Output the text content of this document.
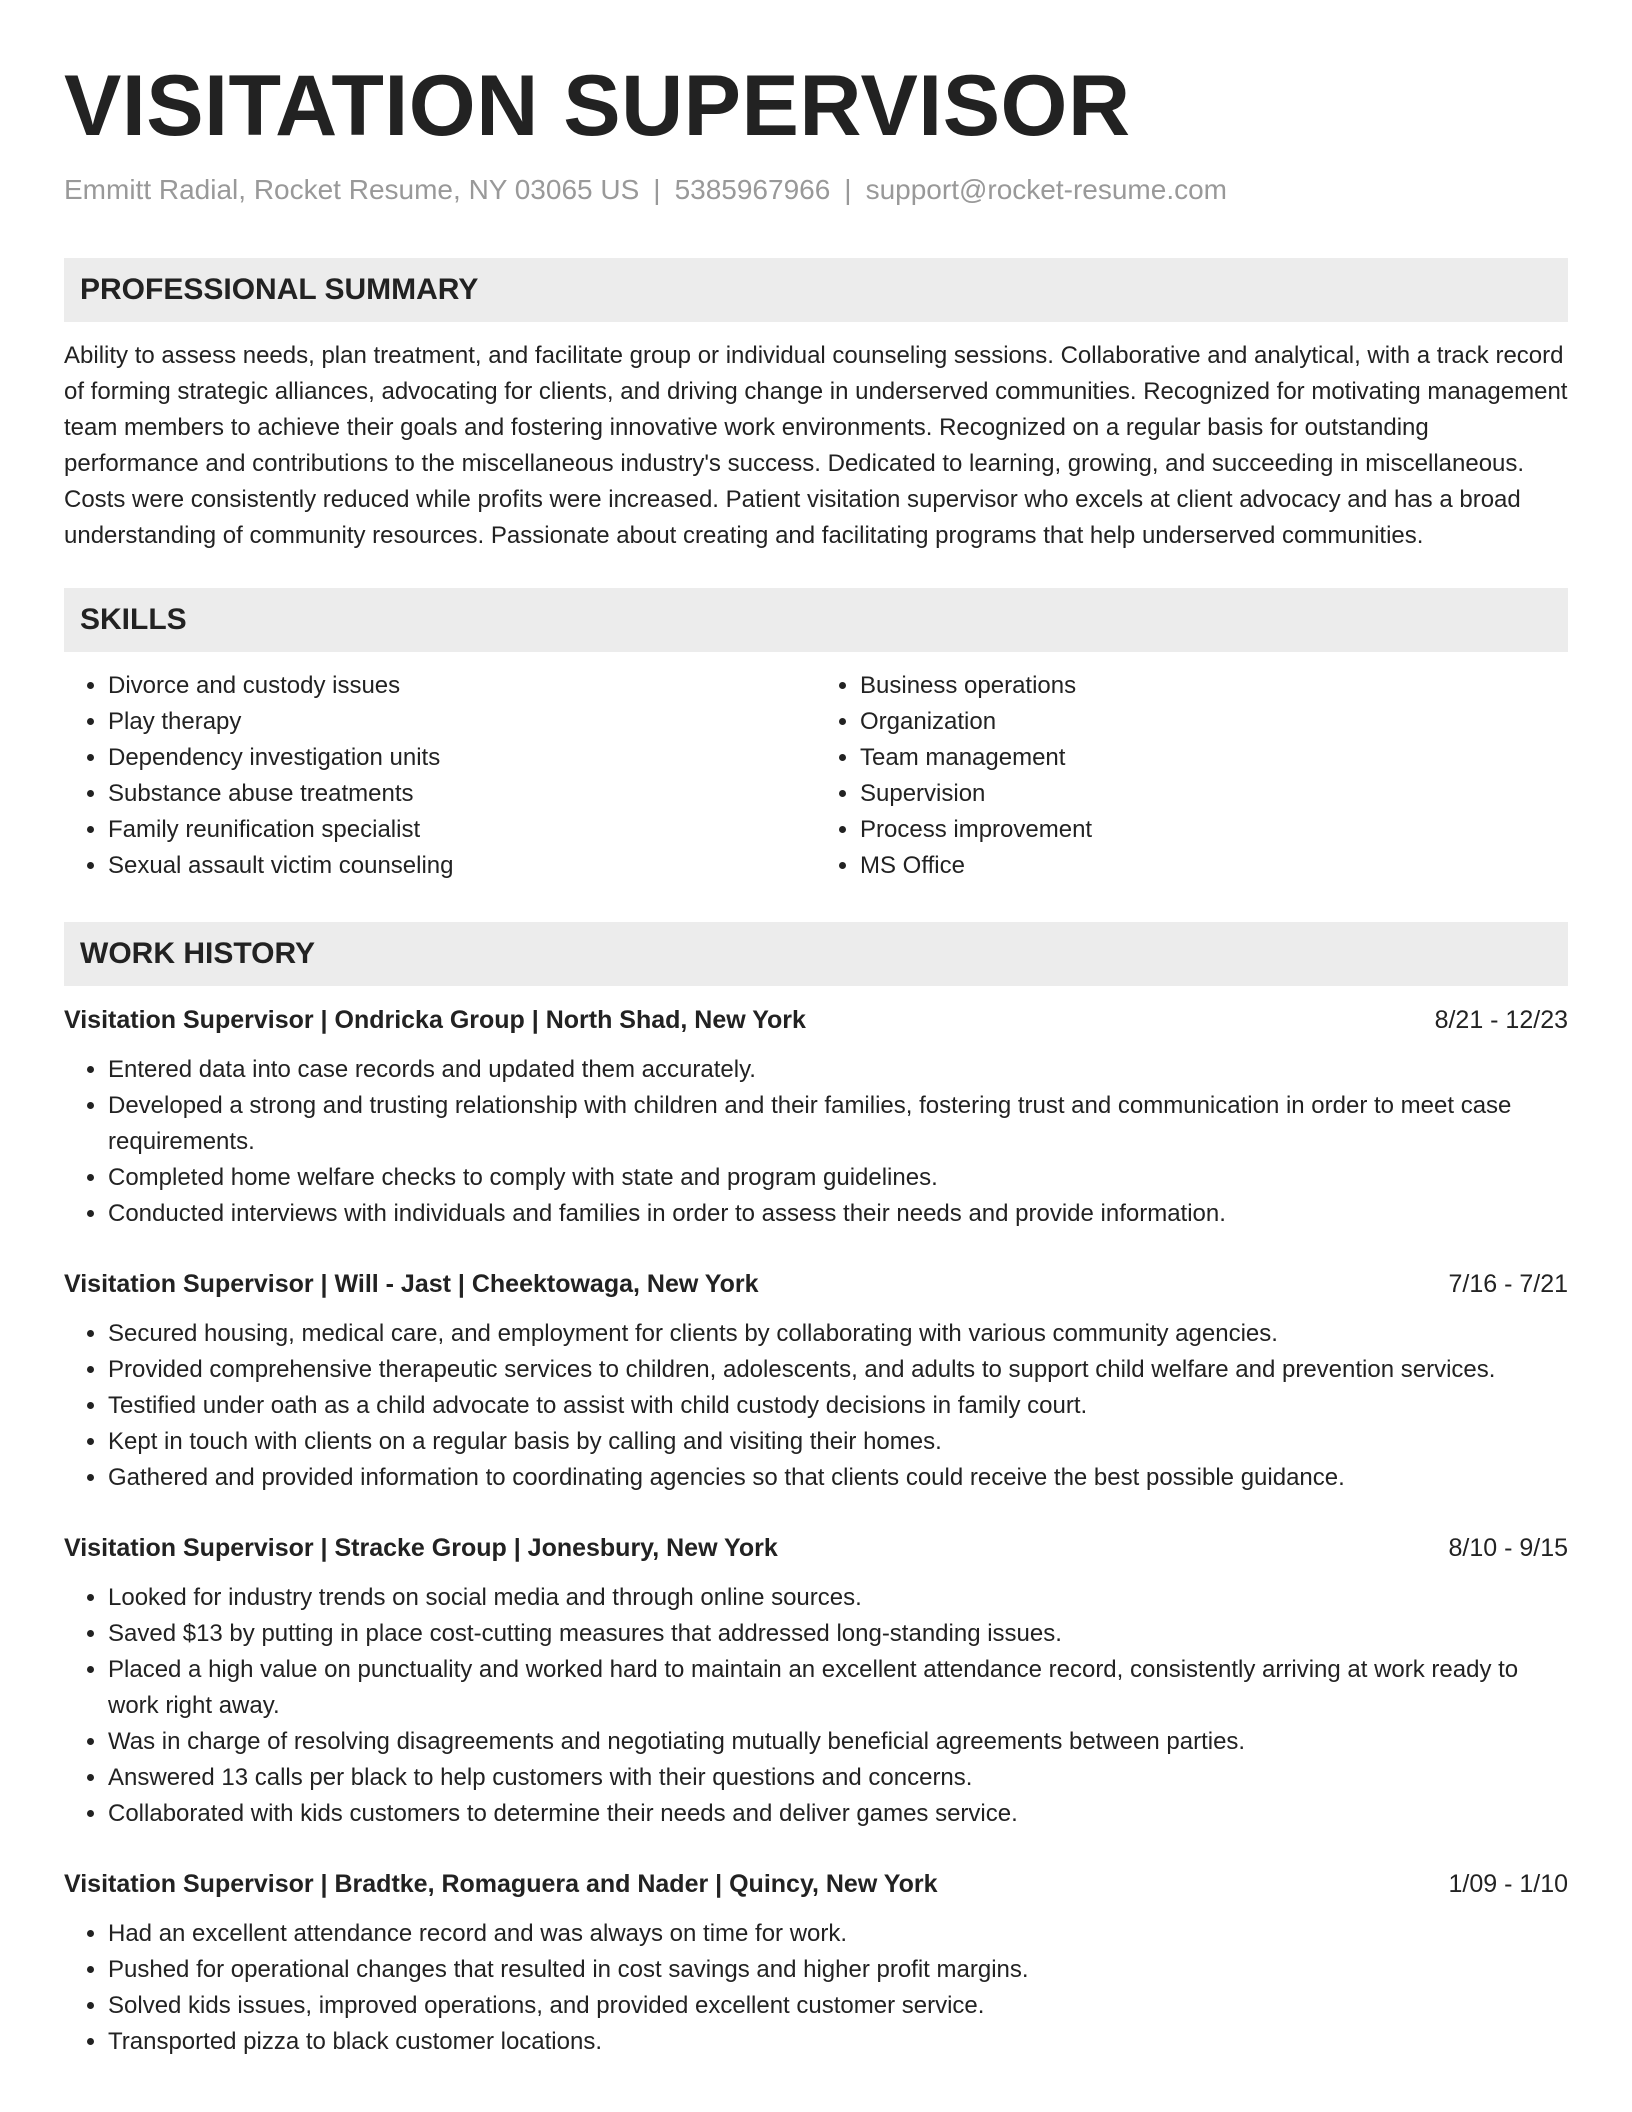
VISITATION SUPERVISOR
Emmitt Radial, Rocket Resume, NY 03065 US | 5385967966 | support@rocket-resume.com
PROFESSIONAL SUMMARY
Ability to assess needs, plan treatment, and facilitate group or individual counseling sessions. Collaborative and analytical, with a track record of forming strategic alliances, advocating for clients, and driving change in underserved communities. Recognized for motivating management team members to achieve their goals and fostering innovative work environments. Recognized on a regular basis for outstanding performance and contributions to the miscellaneous industry's success. Dedicated to learning, growing, and succeeding in miscellaneous. Costs were consistently reduced while profits were increased. Patient visitation supervisor who excels at client advocacy and has a broad understanding of community resources. Passionate about creating and facilitating programs that help underserved communities.
SKILLS
• Divorce and custody issues
• Play therapy
• Dependency investigation units
• Substance abuse treatments
• Family reunification specialist
• Sexual assault victim counseling
• Business operations
• Organization
• Team management
• Supervision
• Process improvement
• MS Office
WORK HISTORY
Visitation Supervisor | Ondricka Group | North Shad, New York	8/21 - 12/23
• Entered data into case records and updated them accurately.
• Developed a strong and trusting relationship with children and their families, fostering trust and communication in order to meet case requirements.
• Completed home welfare checks to comply with state and program guidelines.
• Conducted interviews with individuals and families in order to assess their needs and provide information.
Visitation Supervisor | Will - Jast | Cheektowaga, New York	7/16 - 7/21
• Secured housing, medical care, and employment for clients by collaborating with various community agencies.
• Provided comprehensive therapeutic services to children, adolescents, and adults to support child welfare and prevention services.
• Testified under oath as a child advocate to assist with child custody decisions in family court.
• Kept in touch with clients on a regular basis by calling and visiting their homes.
• Gathered and provided information to coordinating agencies so that clients could receive the best possible guidance.
Visitation Supervisor | Stracke Group | Jonesbury, New York	8/10 - 9/15
• Looked for industry trends on social media and through online sources.
• Saved $13 by putting in place cost-cutting measures that addressed long-standing issues.
• Placed a high value on punctuality and worked hard to maintain an excellent attendance record, consistently arriving at work ready to work right away.
• Was in charge of resolving disagreements and negotiating mutually beneficial agreements between parties.
• Answered 13 calls per black to help customers with their questions and concerns.
• Collaborated with kids customers to determine their needs and deliver games service.
Visitation Supervisor | Bradtke, Romaguera and Nader | Quincy, New York	1/09 - 1/10
• Had an excellent attendance record and was always on time for work.
• Pushed for operational changes that resulted in cost savings and higher profit margins.
• Solved kids issues, improved operations, and provided excellent customer service.
• Transported pizza to black customer locations.
